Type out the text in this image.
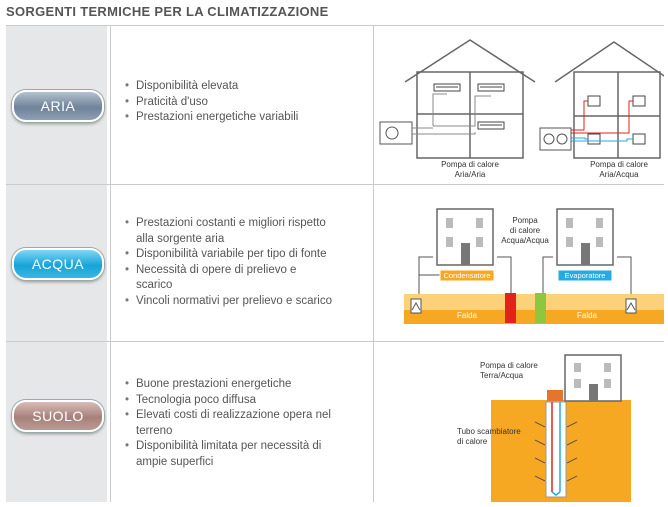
SORGENTI TERMICHE PER LA CLIMATIZZAZIONE
ARIA
• Disponibilità elevata
• Praticità d'uso
• Prestazioni energetiche variabili
Pompa di calore
Aria/Aria
Pompa di calore
Aria/Acqua
ACQUA
• Prestazioni costanti e migliori rispetto
alla sorgente aria
• Disponibilità variabile per tipo di fonte
• Necessità di opere di prelievo e
scarico
• Vincoli normativi per prelievo e scarico
Pompa
di calore
Acqua/Acqua
Condensatore	Evaporatore
Falda	Falda
SUOLO
• Buone prestazioni energetiche
• Tecnologia poco diffusa
• Elevati costi di realizzazione opera nel
terreno
• Disponibilità limitata per necessità di
ampie superfici
Pompa di calore
Terra/Acqua
Tubo scambiatore
di calore
